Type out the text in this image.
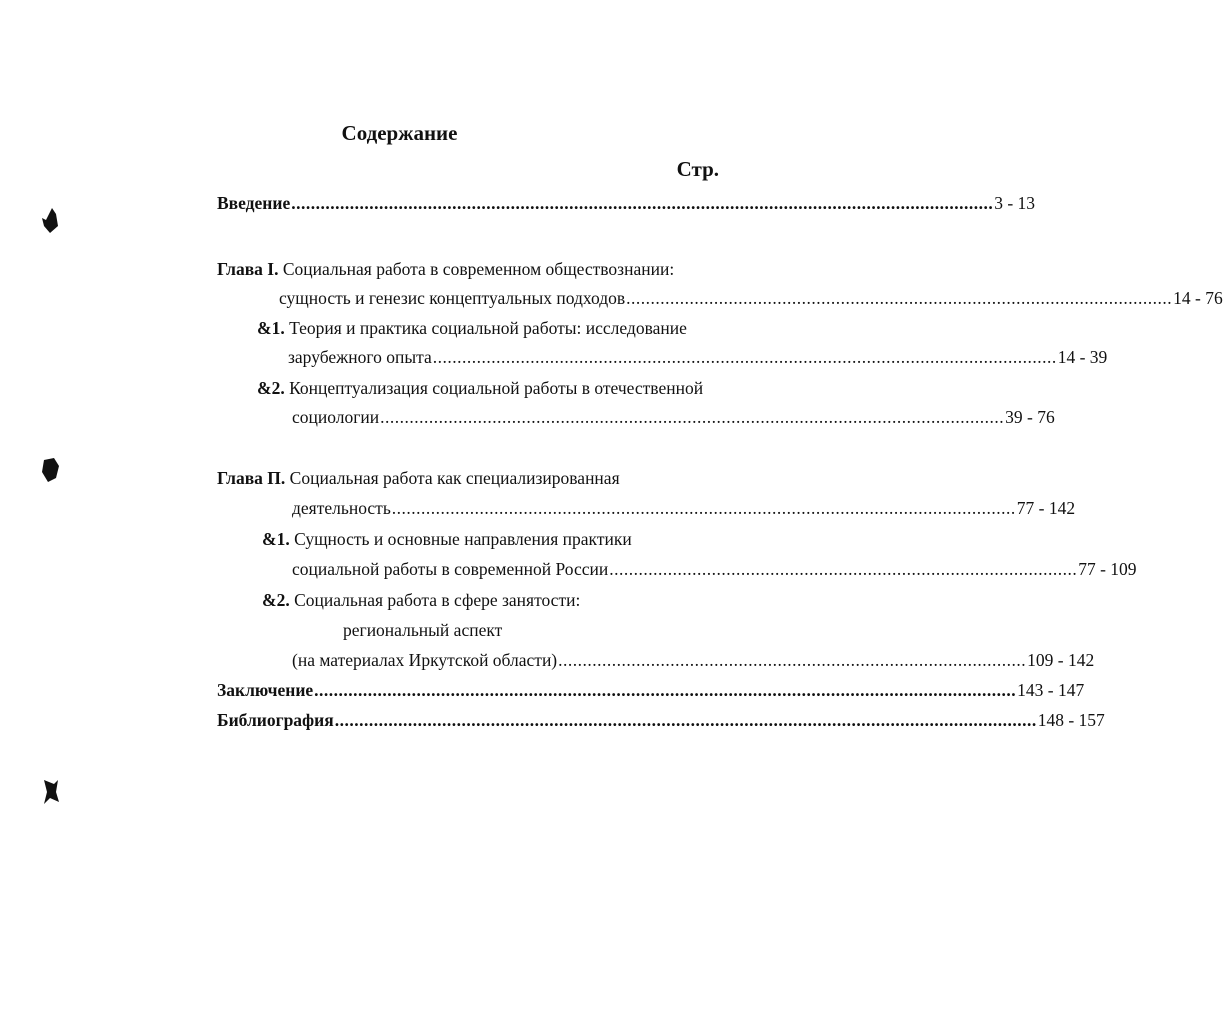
Содержание
Стр.
Введение ................................................................................................................................................ 3 - 13
Глава I. Социальная работа в современном обществознании:
сущность и генезис концептуальных подходов ................................................................................................................ 14 - 76
&1. Теория и практика социальной работы: исследование
зарубежного опыта ................................................................................................................................ 14 - 39
&2. Концептуализация социальной работы в отечественной
социологии ................................................................................................................................ 39 - 76
Глава П. Социальная работа как специализированная
деятельность ................................................................................................................................ 77 - 142
&1. Сущность и основные направления практики
социальной работы в современной России ................................................................................................ 77 - 109
&2. Социальная работа в сфере занятости:
региональный аспект
(на материалах Иркутской области) ................................................................................................ 109 - 142
Заключение ................................................................................................................................................ 143 - 147
Библиография ................................................................................................................................................ 148 - 157
